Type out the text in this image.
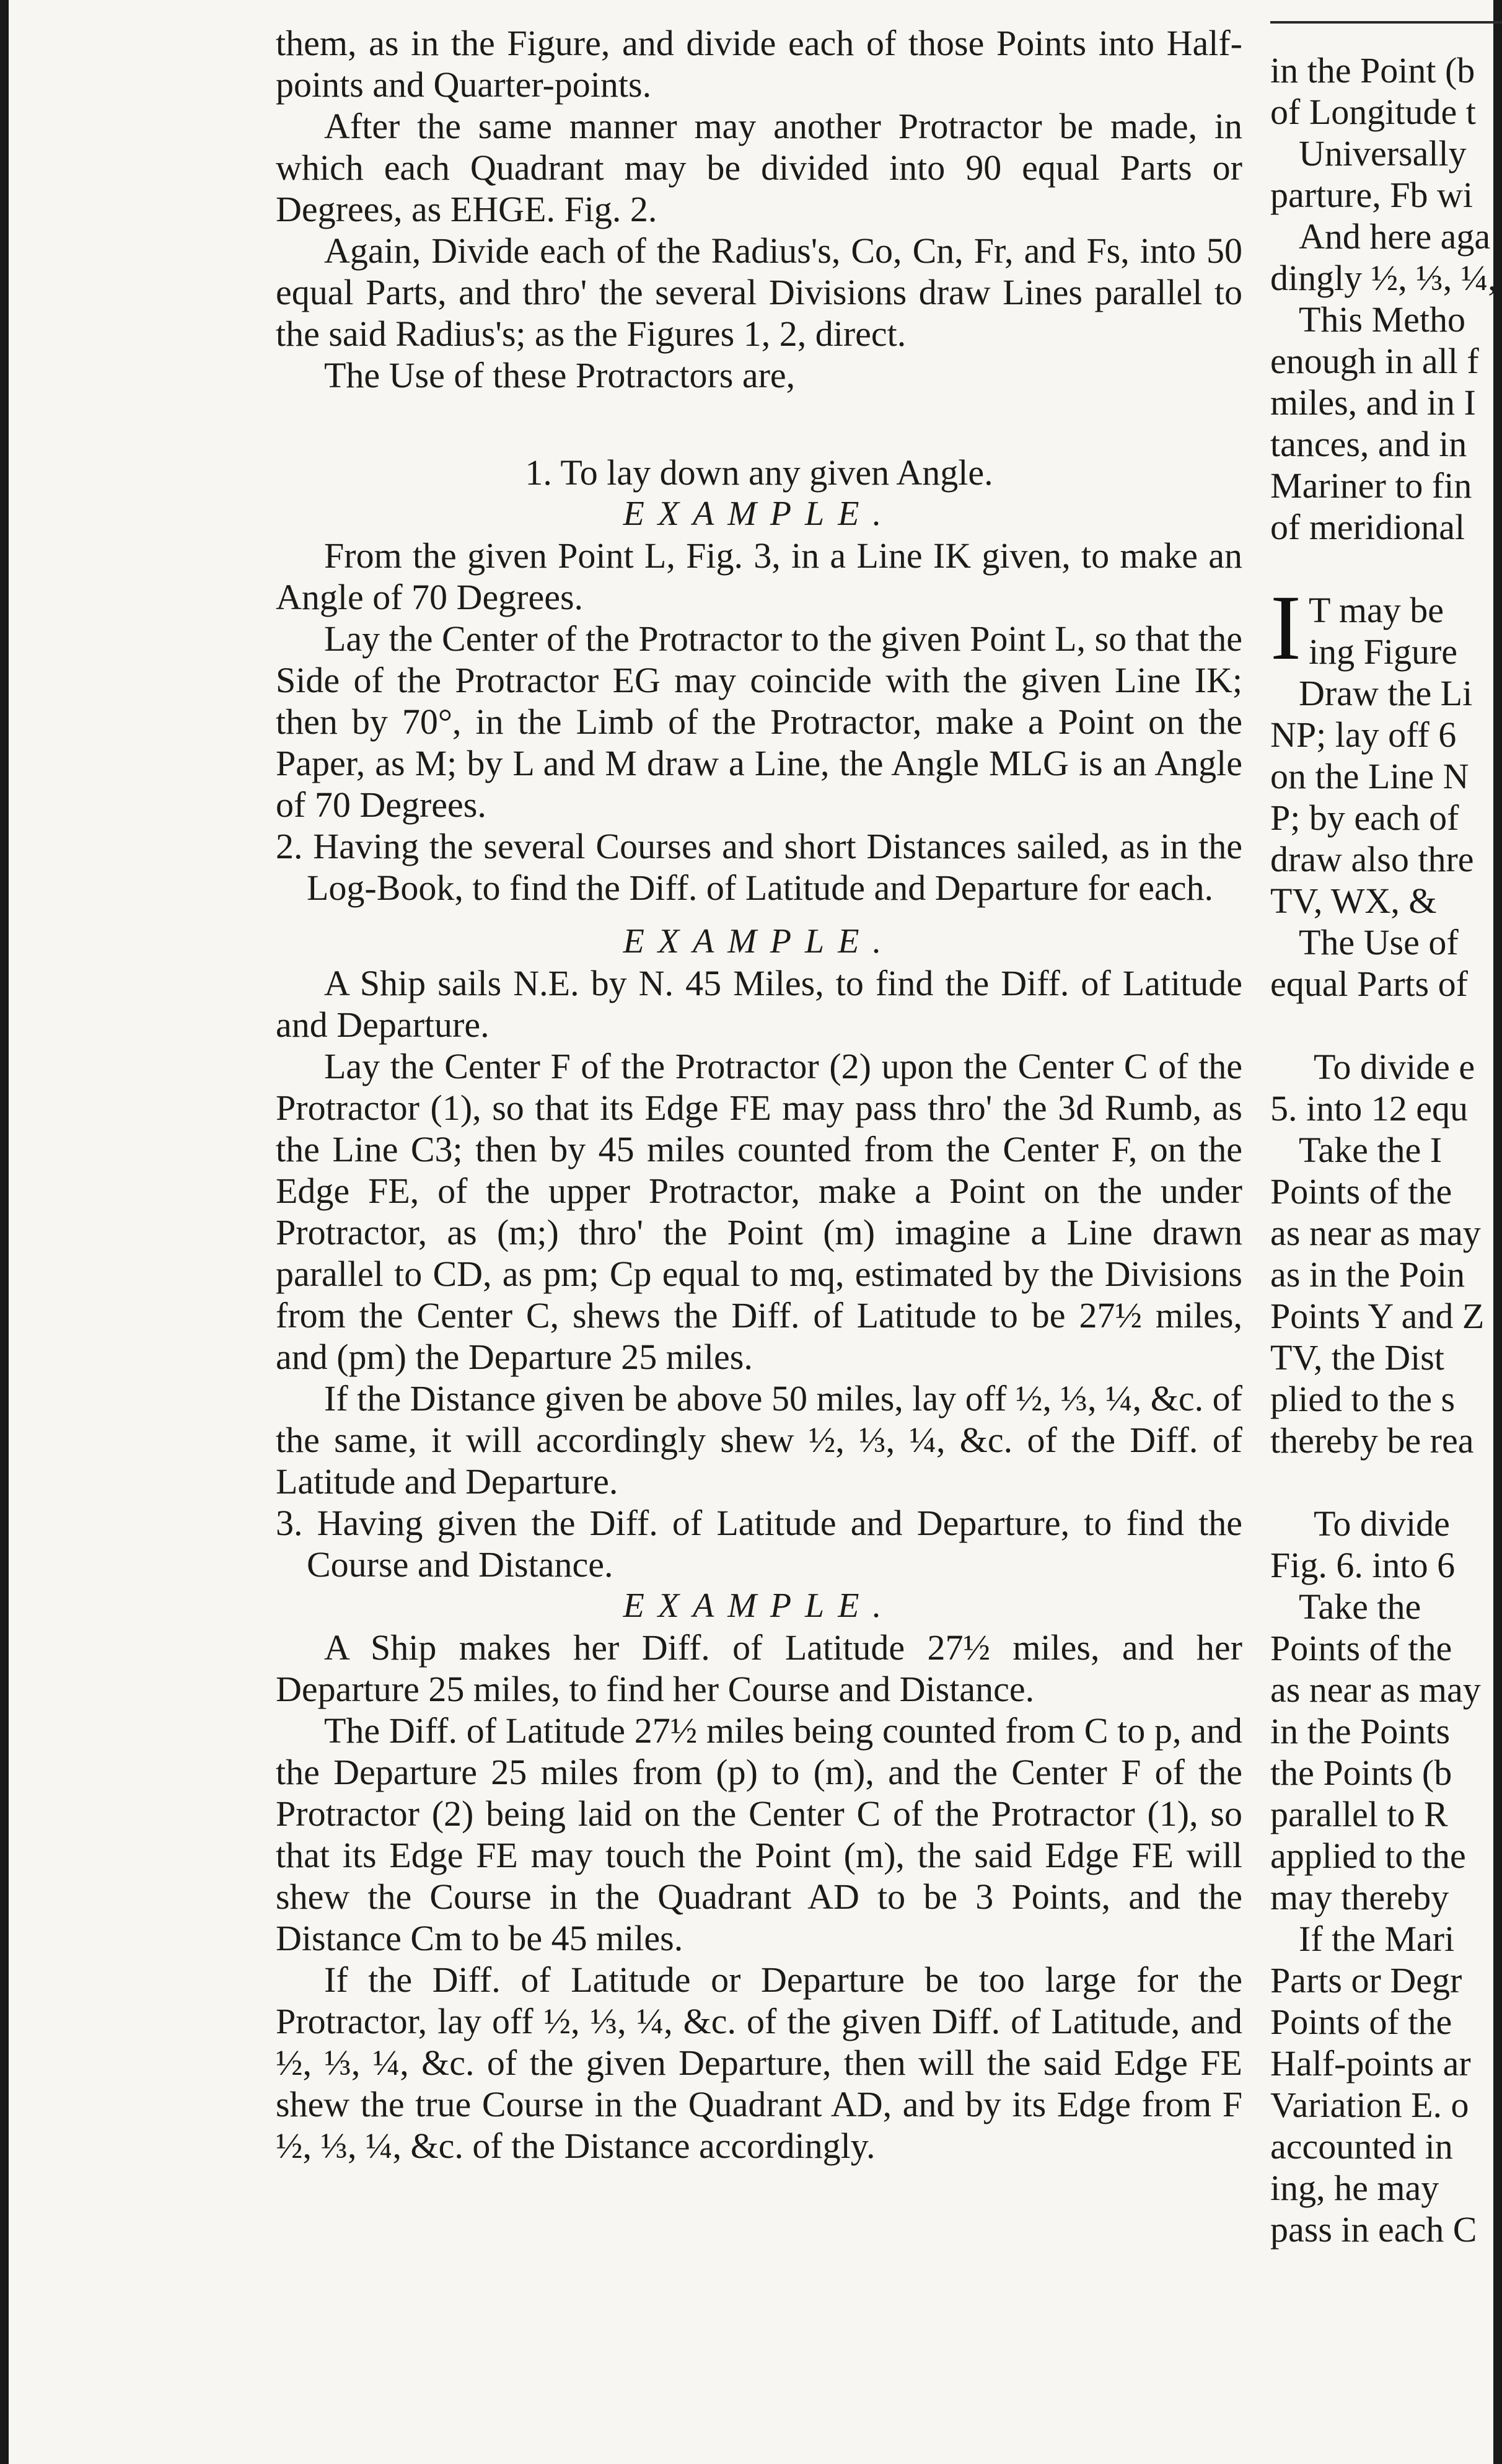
them, as in the Figure, and divide each of those Points into Half-points and Quarter-points.

After the same manner may another Protractor be made, in which each Quadrant may be divided into 90 equal Parts or Degrees, as EHGE. Fig. 2.

Again, Divide each of the Radius's, Co, Cn, Fr, and Fs, into 50 equal Parts, and thro' the several Divisions draw Lines parallel to the said Radius's; as the Figures 1, 2, direct.

The Use of these Protractors are,

1. To lay down any given Angle.

EXAMPLE.

From the given Point L, Fig. 3, in a Line IK given, to make an Angle of 70 Degrees.

Lay the Center of the Protractor to the given Point L, so that the Side of the Protractor EG may coincide with the given Line IK; then by 70°, in the Limb of the Protractor, make a Point on the Paper, as M; by L and M draw a Line, the Angle MLG is an Angle of 70 Degrees.

2. Having the several Courses and short Distances sailed, as in the Log-Book, to find the Diff. of Latitude and Departure for each.

EXAMPLE.

A Ship sails N.E. by N. 45 Miles, to find the Diff. of Latitude and Departure.

Lay the Center F of the Protractor (2) upon the Center C of the Protractor (1), so that its Edge FE may pass thro' the 3d Rumb, as the Line C3; then by 45 miles counted from the Center F, on the Edge FE, of the upper Protractor, make a Point on the under Protractor, as (m;) thro' the Point (m) imagine a Line drawn parallel to CD, as pm; Cp equal to mq, estimated by the Divisions from the Center C, shews the Diff. of Latitude to be 27½ miles, and (pm) the Departure 25 miles.

If the Distance given be above 50 miles, lay off ½, ⅓, ¼, &c. of the same, it will accordingly shew ½, ⅓, ¼, &c. of the Diff. of Latitude and Departure.

3. Having given the Diff. of Latitude and Departure, to find the Course and Distance.

EXAMPLE.

A Ship makes her Diff. of Latitude 27½ miles, and her Departure 25 miles, to find her Course and Distance.

The Diff. of Latitude 27½ miles being counted from C to p, and the Departure 25 miles from (p) to (m), and the Center F of the Protractor (2) being laid on the Center C of the Protractor (1), so that its Edge FE may touch the Point (m), the said Edge FE will shew the Course in the Quadrant AD to be 3 Points, and the Distance Cm to be 45 miles.

If the Diff. of Latitude or Departure be too large for the Protractor, lay off ½, ⅓, ¼, &c. of the given Diff. of Latitude, and ½, ⅓, ¼, &c. of the given Departure, then will the said Edge FE shew the true Course in the Quadrant AD, and by its Edge from F ½, ⅓, ¼, &c. of the Distance accordingly.

in the Point (b
of Longitude t
Universally
parture, Fb wi
And here aga
dingly ½, ⅓, ¼,
This Metho
enough in all f
miles, and in I
tances, and in
Mariner to fin
of meridional
I T may be
ing Figure
Draw the Li
NP; lay off 6
on the Line N
P; by each of
draw also thre
TV, WX, &
The Use of
equal Parts of
To divide e
5. into 12 equ
Take the I
Points of the
as near as may
as in the Poin
Points Y and Z
TV, the Dist
plied to the s
thereby be rea
To divide
Fig. 6. into 6
Take the
Points of the
as near as may
in the Points
the Points (b
parallel to R
applied to the
may thereby
If the Mari
Parts or Degr
Points of the
Half-points ar
Variation E. o
accounted in
ing, he may
pass in each C
